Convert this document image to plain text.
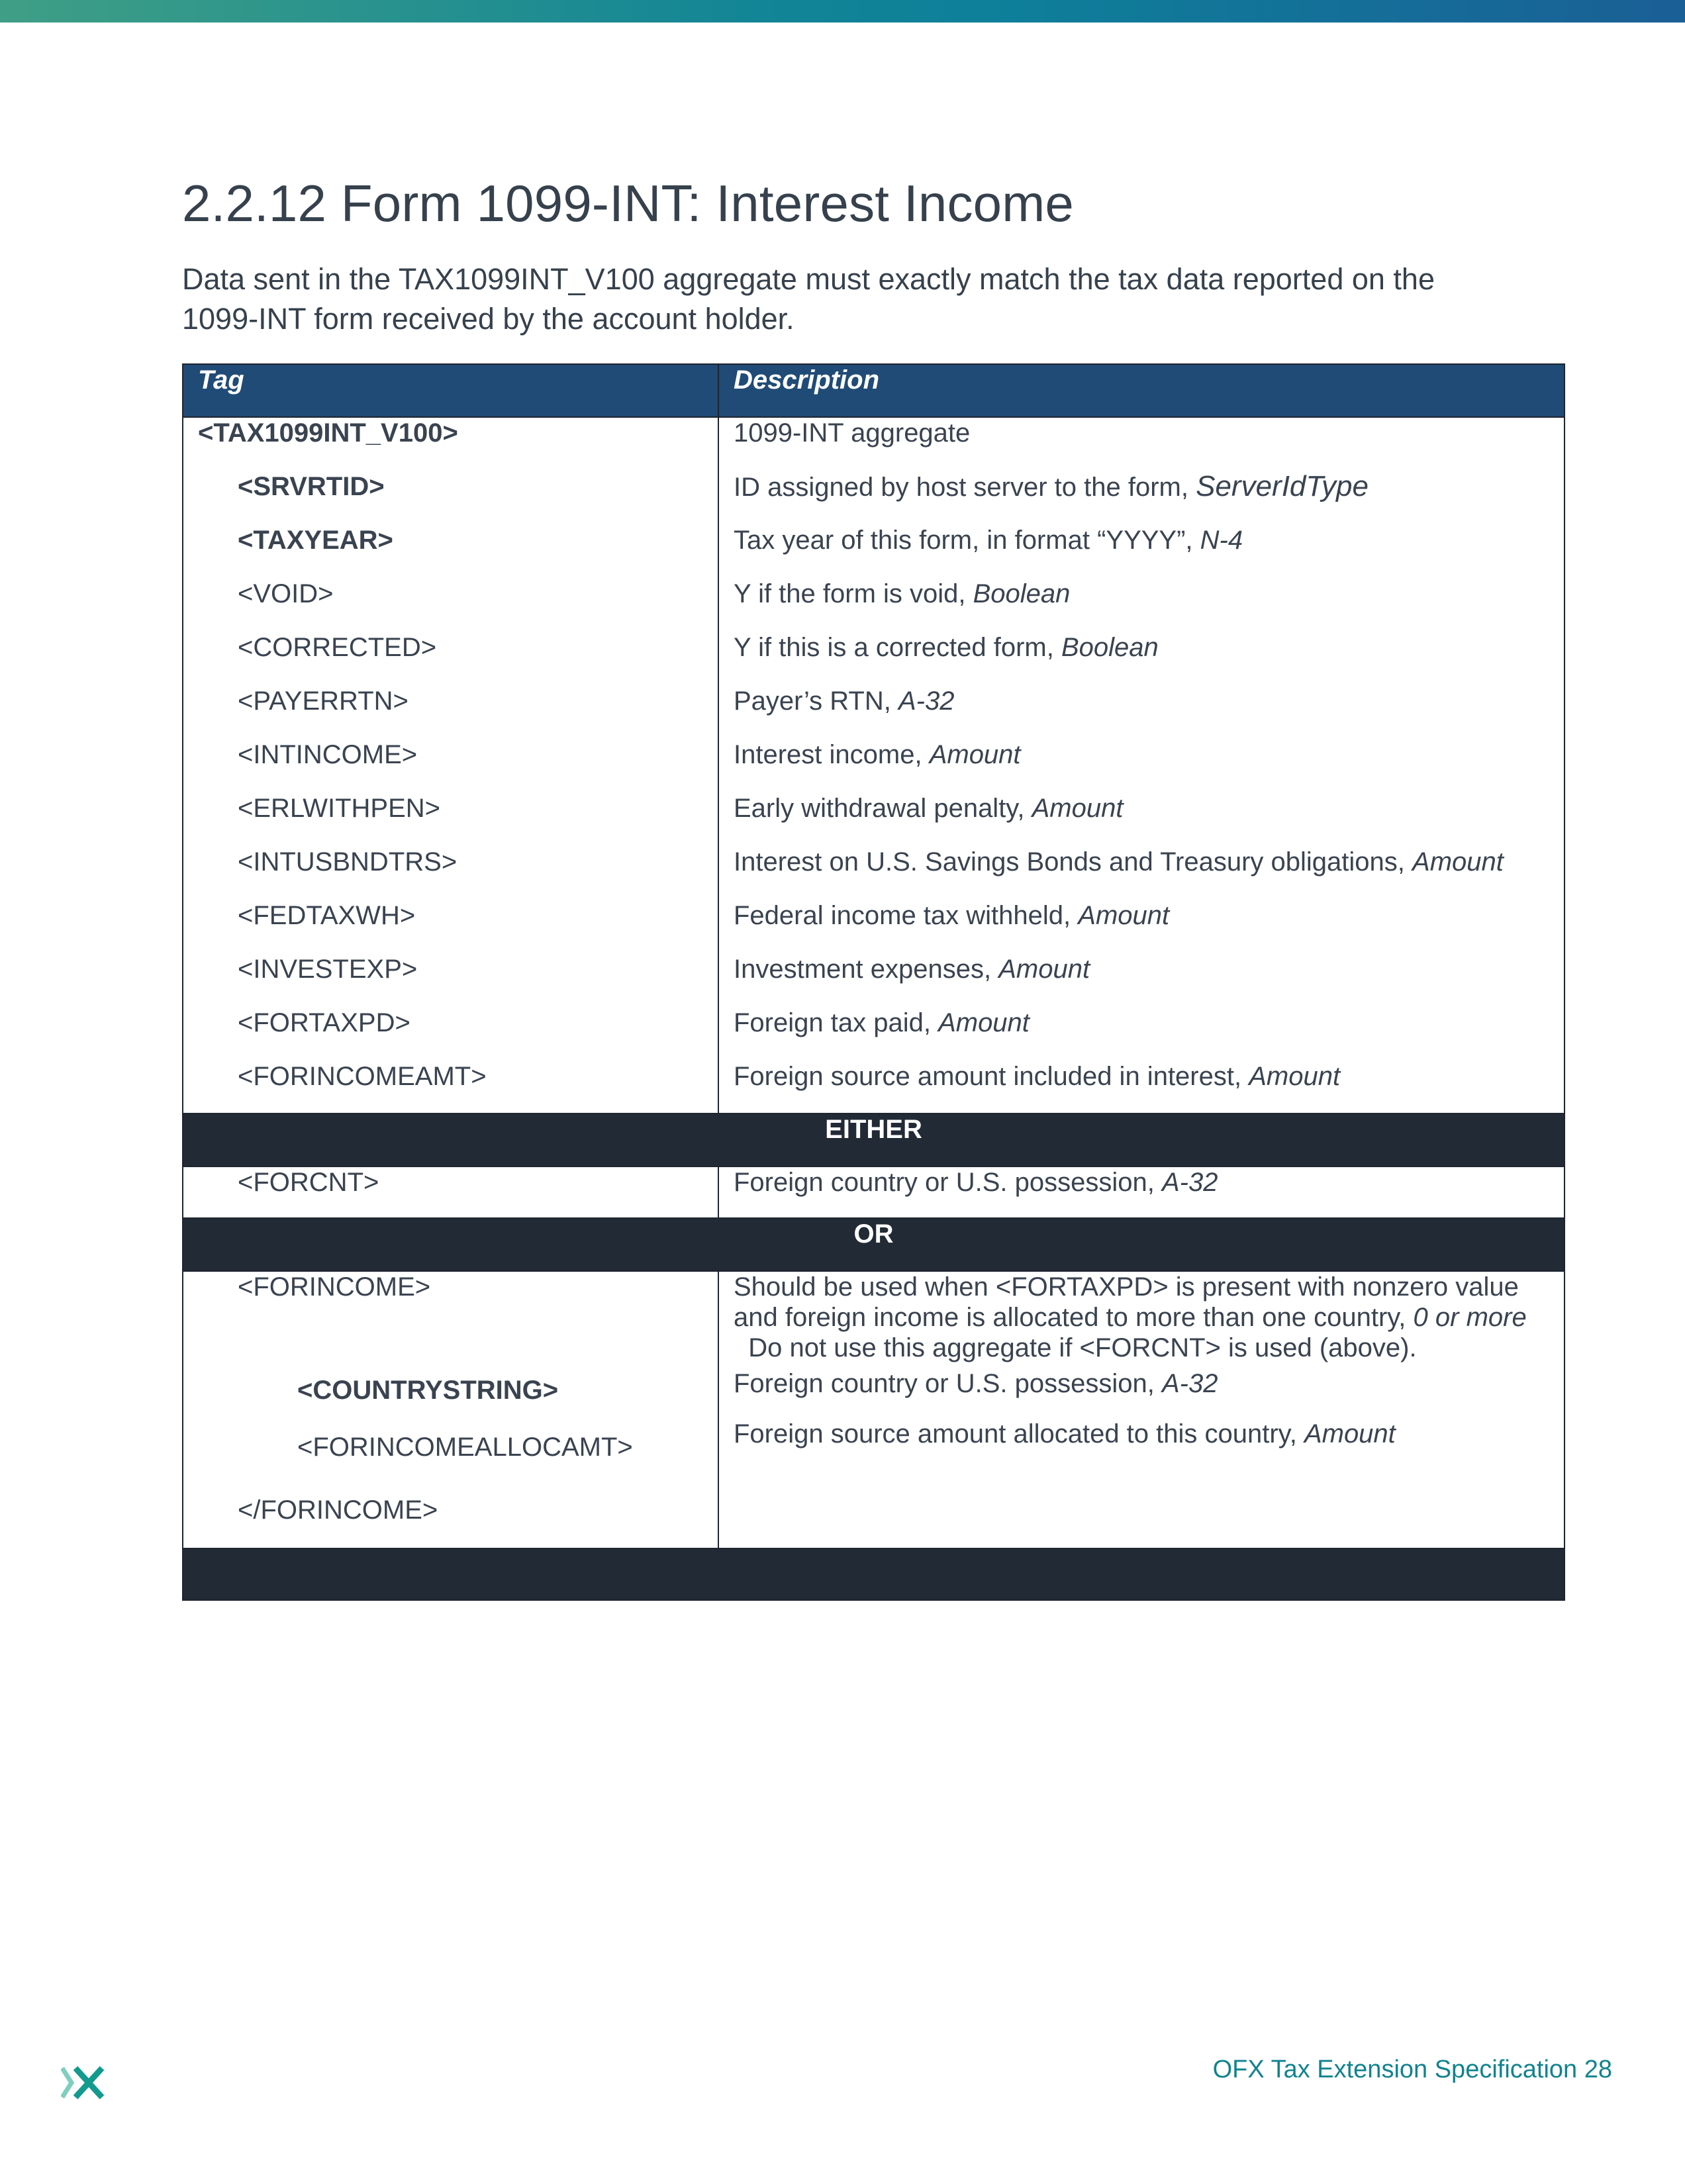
2.2.12 Form 1099-INT: Interest Income

Data sent in the TAX1099INT_V100 aggregate must exactly match the tax data reported on the 1099-INT form received by the account holder.

Tag	Description
<TAX1099INT_V100>	1099-INT aggregate
<SRVRTID>	ID assigned by host server to the form, ServerIdType
<TAXYEAR>	Tax year of this form, in format “YYYY”, N-4
<VOID>	Y if the form is void, Boolean
<CORRECTED>	Y if this is a corrected form, Boolean
<PAYERRTN>	Payer’s RTN, A-32
<INTINCOME>	Interest income, Amount
<ERLWITHPEN>	Early withdrawal penalty, Amount
<INTUSBNDTRS>	Interest on U.S. Savings Bonds and Treasury obligations, Amount
<FEDTAXWH>	Federal income tax withheld, Amount
<INVESTEXP>	Investment expenses, Amount
<FORTAXPD>	Foreign tax paid, Amount
<FORINCOMEAMT>	Foreign source amount included in interest, Amount
EITHER	
<FORCNT>	Foreign country or U.S. possession, A-32
OR	
<FORINCOME>	Should be used when <FORTAXPD> is present with nonzero value and foreign income is allocated to more than one country, 0 or more  Do not use this aggregate if <FORCNT> is used (above).
<COUNTRYSTRING>	Foreign country or U.S. possession, A-32
<FORINCOMEALLOCAMT>	Foreign source amount allocated to this country, Amount
</FORINCOME>	

OFX Tax Extension Specification 28
